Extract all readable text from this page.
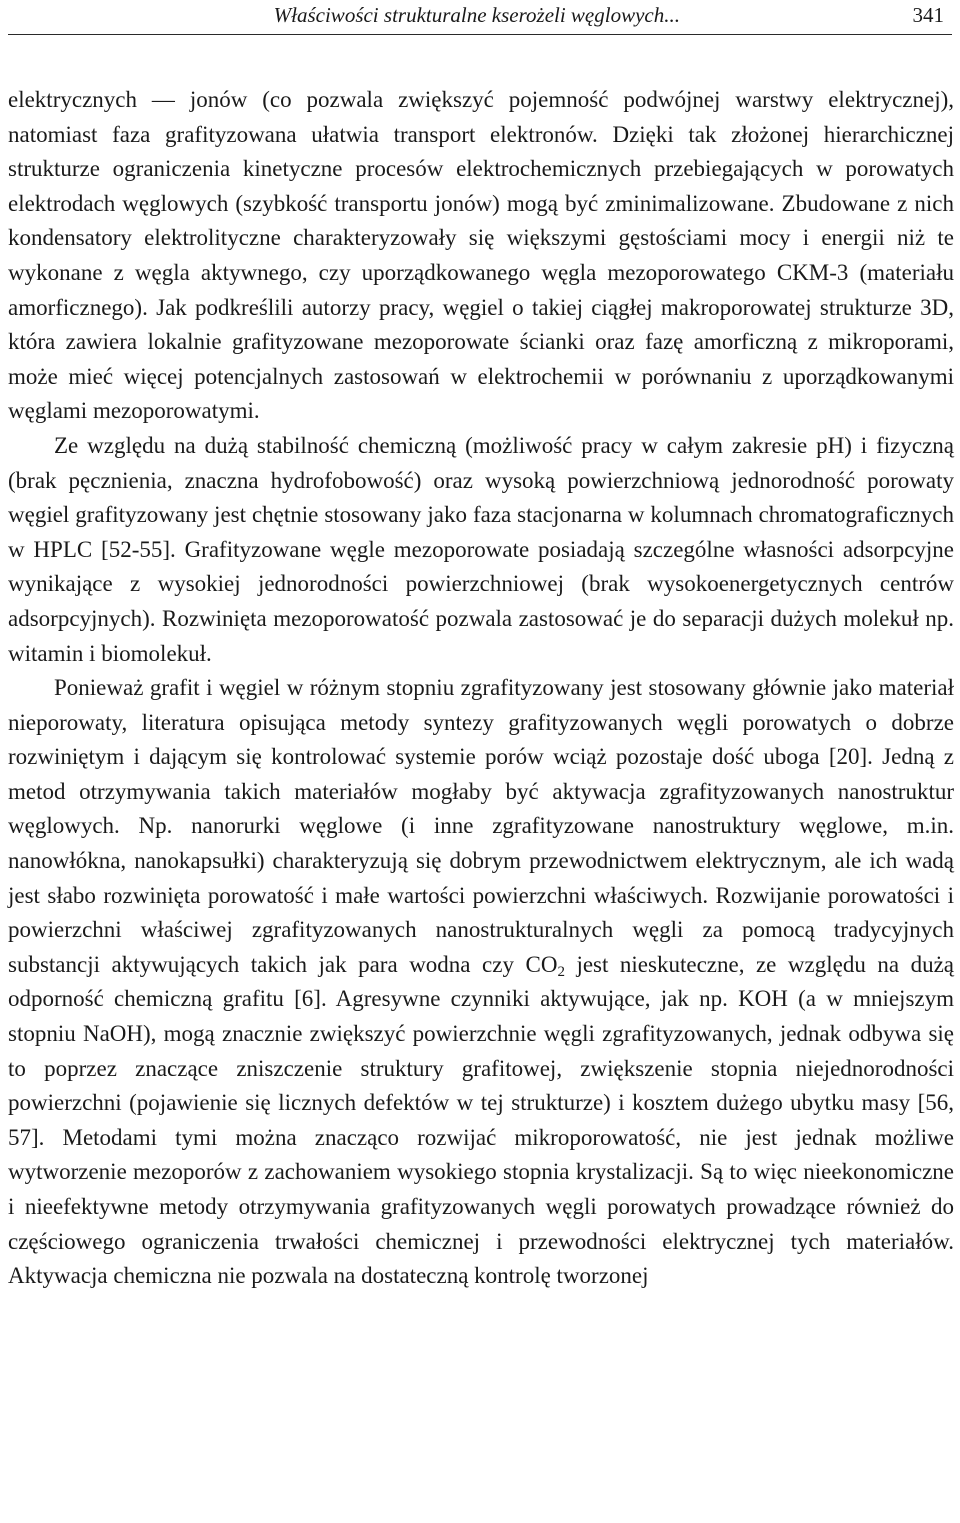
Właściwości strukturalne kserożeli węglowych...	341

elektrycznych — jonów (co pozwala zwiększyć pojemność podwójnej warstwy elektrycznej), natomiast faza grafityzowana ułatwia transport elektronów. Dzięki tak złożonej hierarchicznej strukturze ograniczenia kinetyczne procesów elektrochemicznych przebiegających w porowatych elektrodach węglowych (szybkość transportu jonów) mogą być zminimalizowane. Zbudowane z nich kondensatory elektrolityczne charakteryzowały się większymi gęstościami mocy i energii niż te wykonane z węgla aktywnego, czy uporządkowanego węgla mezoporowatego CKM-3 (materiału amorficznego). Jak podkreślili autorzy pracy, węgiel o takiej ciągłej makroporowatej strukturze 3D, która zawiera lokalnie grafityzowane mezoporowate ścianki oraz fazę amorficzną z mikroporami, może mieć więcej potencjalnych zastosowań w elektrochemii w porównaniu z uporządkowanymi węglami mezoporowatymi.

Ze względu na dużą stabilność chemiczną (możliwość pracy w całym zakresie pH) i fizyczną (brak pęcznienia, znaczna hydrofobowość) oraz wysoką powierzchniową jednorodność porowaty węgiel grafityzowany jest chętnie stosowany jako faza stacjonarna w kolumnach chromatograficznych w HPLC [52-55]. Grafityzowane węgle mezoporowate posiadają szczególne własności adsorpcyjne wynikające z wysokiej jednorodności powierzchniowej (brak wysokoenergetycznych centrów adsorpcyjnych). Rozwinięta mezoporowatość pozwala zastosować je do separacji dużych molekuł np. witamin i biomolekuł.

Ponieważ grafit i węgiel w różnym stopniu zgrafityzowany jest stosowany głównie jako materiał nieporowaty, literatura opisująca metody syntezy grafityzowanych węgli porowatych o dobrze rozwiniętym i dającym się kontrolować systemie porów wciąż pozostaje dość uboga [20]. Jedną z metod otrzymywania takich materiałów mogłaby być aktywacja zgrafityzowanych nanostruktur węglowych. Np. nanorurki węglowe (i inne zgrafityzowane nanostruktury węglowe, m.in. nanowłókna, nanokapsułki) charakteryzują się dobrym przewodnictwem elektrycznym, ale ich wadą jest słabo rozwinięta porowatość i małe wartości powierzchni właściwych. Rozwijanie porowatości i powierzchni właściwej zgrafityzowanych nanostrukturalnych węgli za pomocą tradycyjnych substancji aktywujących takich jak para wodna czy $CO_2$ jest nieskuteczne, ze względu na dużą odporność chemiczną grafitu [6]. Agresywne czynniki aktywujące, jak np. KOH (a w mniejszym stopniu NaOH), mogą znacznie zwiększyć powierzchnie węgli zgrafityzowanych, jednak odbywa się to poprzez znaczące zniszczenie struktury grafitowej, zwiększenie stopnia niejednorodności powierzchni (pojawienie się licznych defektów w tej strukturze) i kosztem dużego ubytku masy [56, 57]. Metodami tymi można znacząco rozwijać mikroporowatość, nie jest jednak możliwe wytworzenie mezoporów z zachowaniem wysokiego stopnia krystalizacji. Są to więc nieekonomiczne i nieefektywne metody otrzymywania grafityzowanych węgli porowatych prowadzące również do częściowego ograniczenia trwałości chemicznej i przewodności elektrycznej tych materiałów. Aktywacja chemiczna nie pozwala na dostateczną kontrolę tworzonej
